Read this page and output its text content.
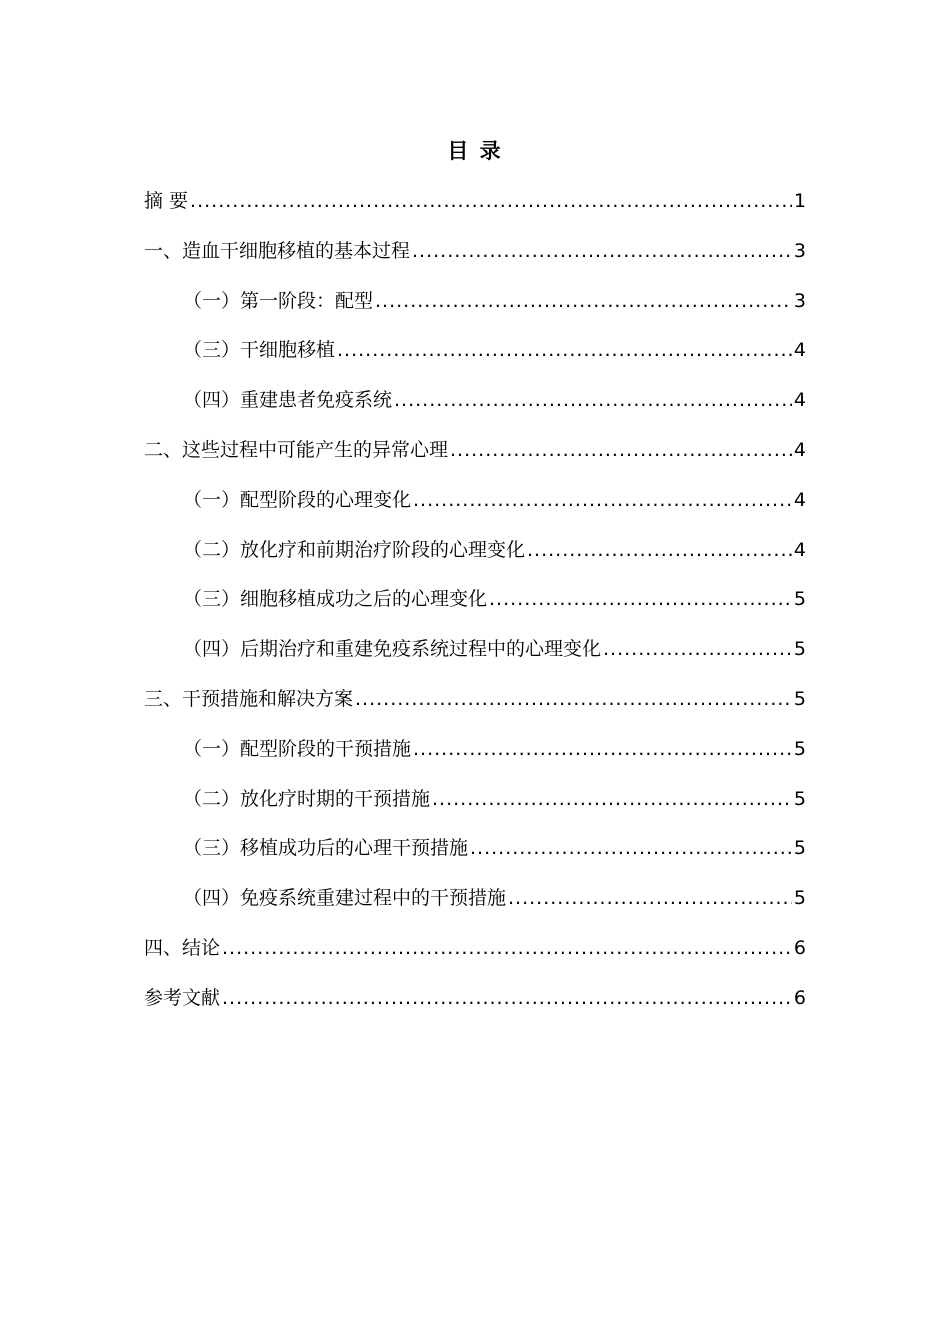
目 录
摘 要 .....	1
一、造血干细胞移植的基本过程 .....	3
（一）第一阶段：配型 .....	3
（三）干细胞移植 .....	4
（四）重建患者免疫系统 .....	4
二、这些过程中可能产生的异常心理 .....	4
（一）配型阶段的心理变化 .....	4
（二）放化疗和前期治疗阶段的心理变化 .....	4
（三）细胞移植成功之后的心理变化 .....	5
（四）后期治疗和重建免疫系统过程中的心理变化 .....	5
三、干预措施和解决方案 .....	5
（一）配型阶段的干预措施 .....	5
（二）放化疗时期的干预措施 .....	5
（三）移植成功后的心理干预措施 .....	5
（四）免疫系统重建过程中的干预措施 .....	5
四、结论 .....	6
参考文献 .....	6
